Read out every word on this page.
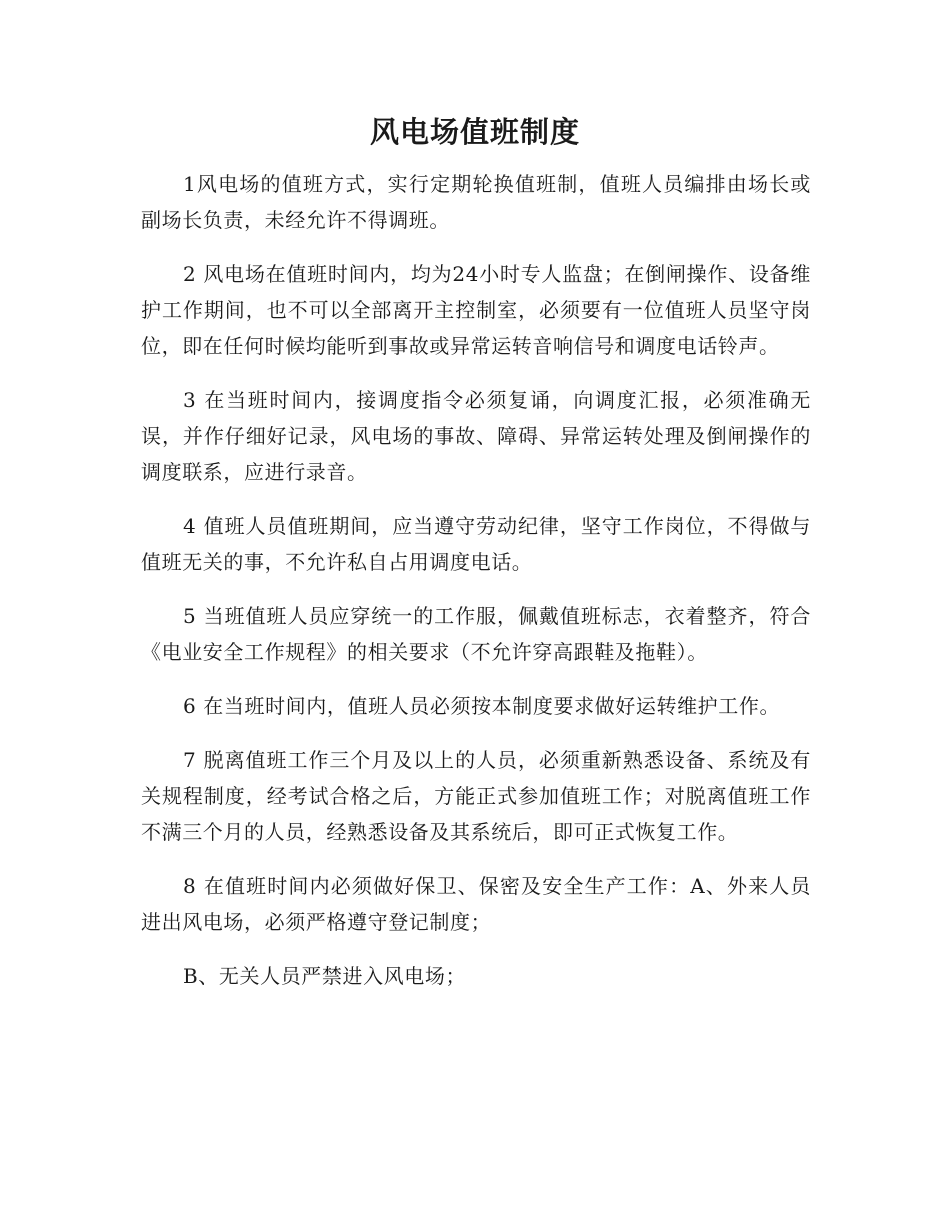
风电场值班制度

1风电场的值班方式，实行定期轮换值班制，值班人员编排由场长或副场长负责，未经允许不得调班。

2 风电场在值班时间内，均为24小时专人监盘；在倒闸操作、设备维护工作期间，也不可以全部离开主控制室，必须要有一位值班人员坚守岗位，即在任何时候均能听到事故或异常运转音响信号和调度电话铃声。

3 在当班时间内，接调度指令必须复诵，向调度汇报，必须准确无误，并作仔细好记录，风电场的事故、障碍、异常运转处理及倒闸操作的调度联系，应进行录音。

4 值班人员值班期间，应当遵守劳动纪律，坚守工作岗位，不得做与值班无关的事，不允许私自占用调度电话。

5 当班值班人员应穿统一的工作服，佩戴值班标志，衣着整齐，符合《电业安全工作规程》的相关要求（不允许穿高跟鞋及拖鞋）。

6 在当班时间内，值班人员必须按本制度要求做好运转维护工作。

7 脱离值班工作三个月及以上的人员，必须重新熟悉设备、系统及有关规程制度，经考试合格之后，方能正式参加值班工作；对脱离值班工作不满三个月的人员，经熟悉设备及其系统后，即可正式恢复工作。

8 在值班时间内必须做好保卫、保密及安全生产工作：A、外来人员进出风电场，必须严格遵守登记制度；

B、无关人员严禁进入风电场；
